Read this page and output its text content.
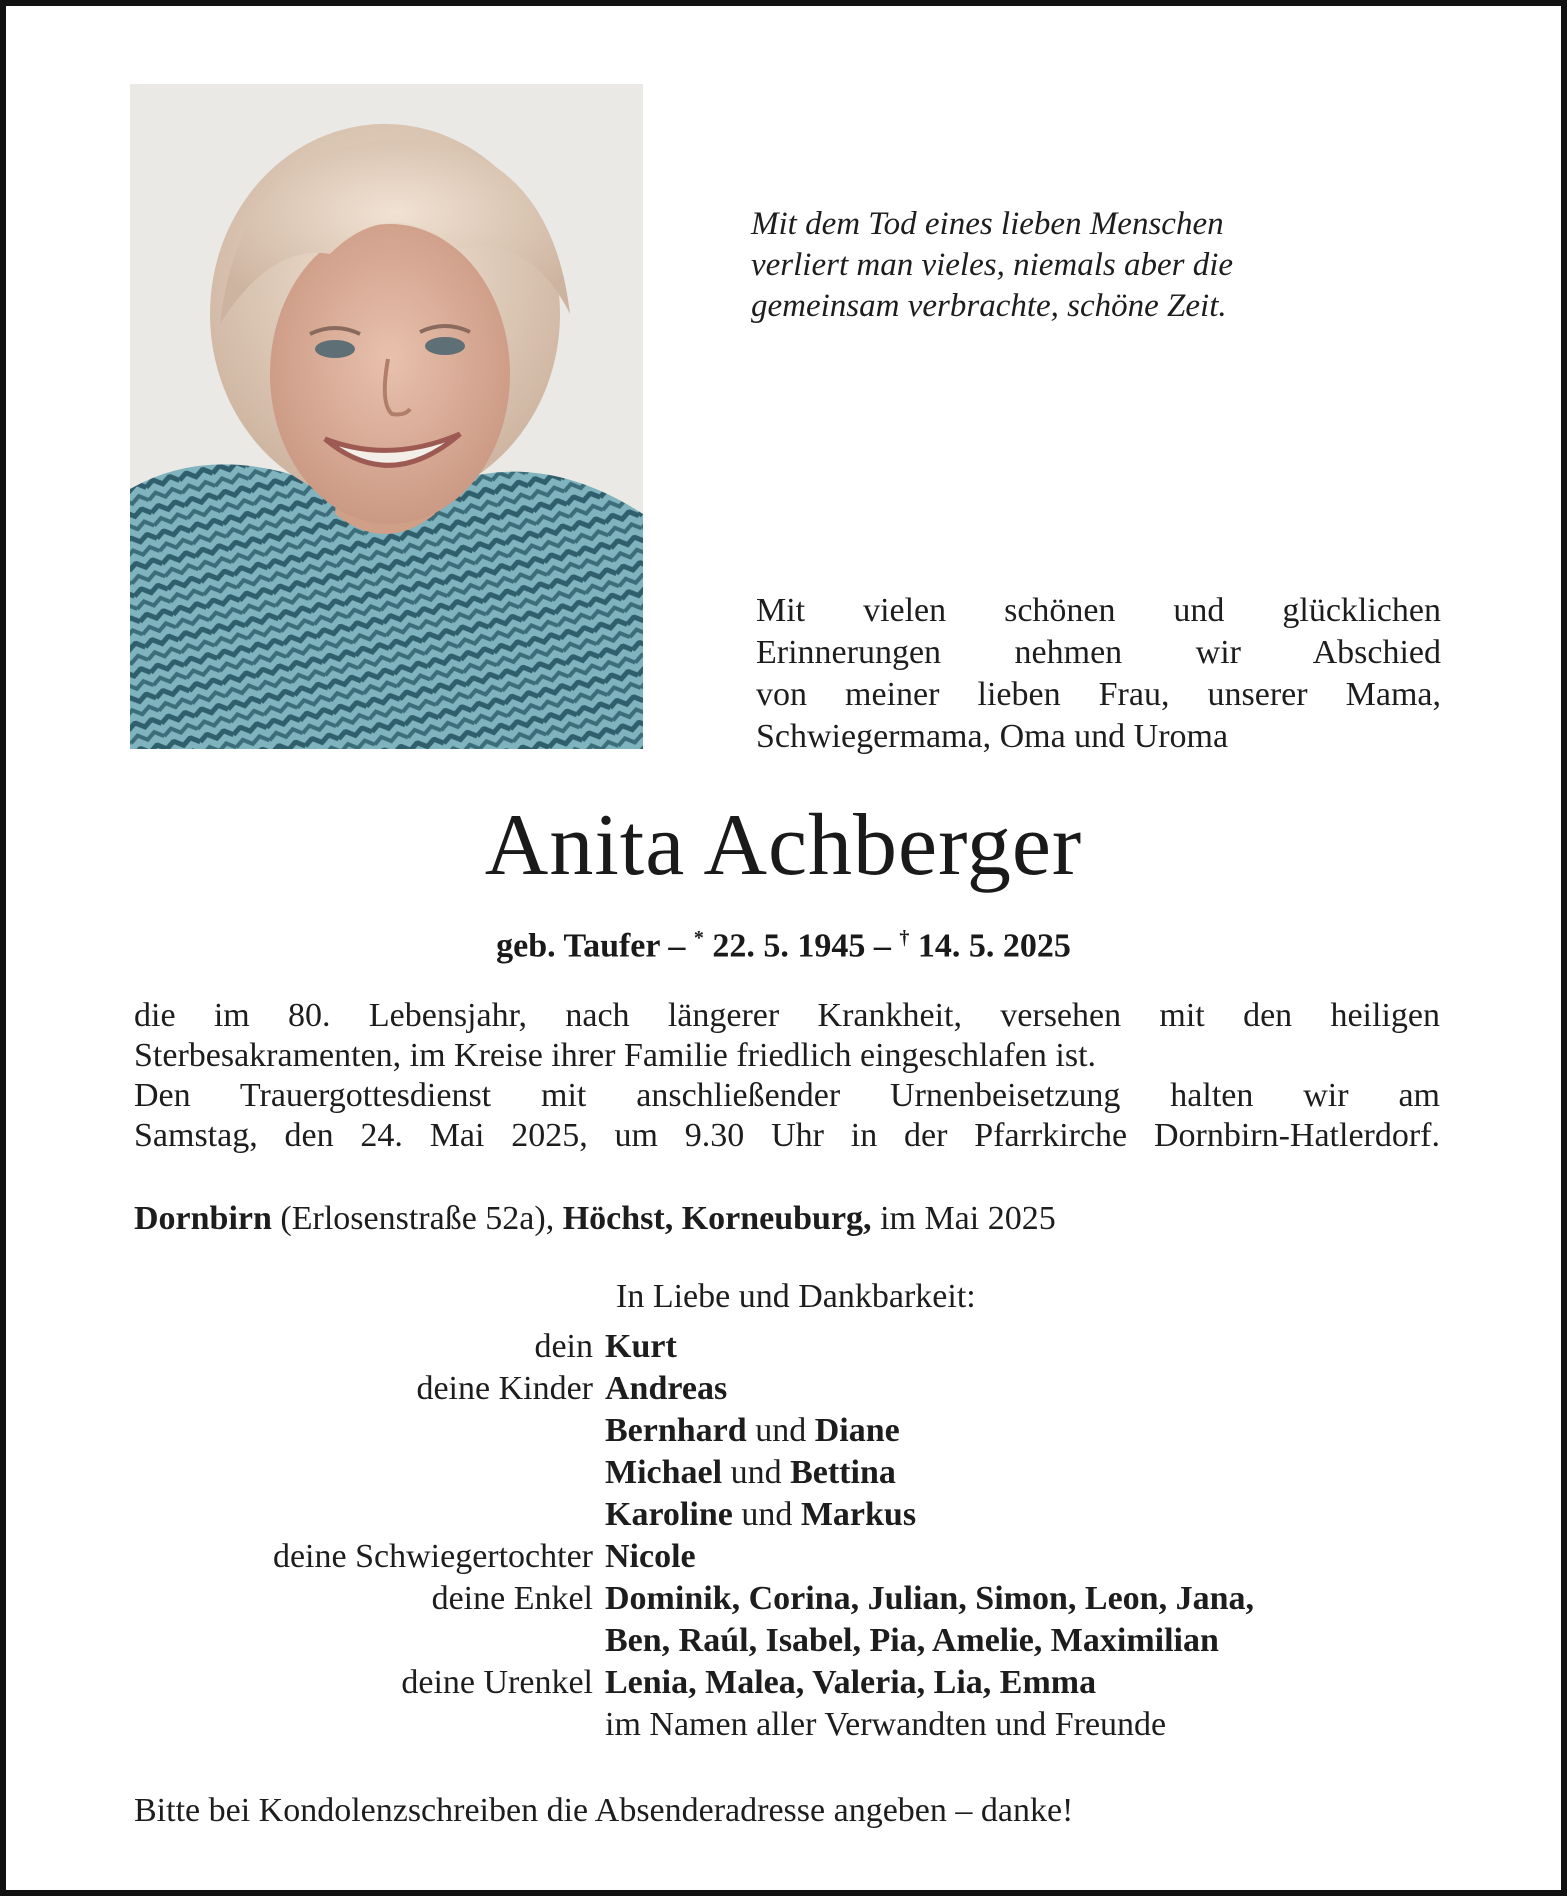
Mit dem Tod eines lieben Menschen
verliert man vieles, niemals aber die
gemeinsam verbrachte, schöne Zeit.
Mit vielen schönen und glücklichen
Erinnerungen nehmen wir Abschied
von meiner lieben Frau, unserer Mama,
Schwiegermama, Oma und Uroma
Anita Achberger
geb. Taufer – * 22. 5. 1945 – † 14. 5. 2025
die im 80. Lebensjahr, nach längerer Krankheit, versehen mit den heiligen
Sterbesakramenten, im Kreise ihrer Familie friedlich eingeschlafen ist.
Den Trauergottesdienst mit anschließender Urnenbeisetzung halten wir am
Samstag, den 24. Mai 2025, um 9.30 Uhr in der Pfarrkirche Dornbirn-Hatlerdorf.
Dornbirn (Erlosenstraße 52a), Höchst, Korneuburg, im Mai 2025
In Liebe und Dankbarkeit:
dein Kurt
deine Kinder Andreas
Bernhard und Diane
Michael und Bettina
Karoline und Markus
deine Schwiegertochter Nicole
deine Enkel Dominik, Corina, Julian, Simon, Leon, Jana,
Ben, Raúl, Isabel, Pia, Amelie, Maximilian
deine Urenkel Lenia, Malea, Valeria, Lia, Emma
im Namen aller Verwandten und Freunde
Bitte bei Kondolenzschreiben die Absenderadresse angeben – danke!
